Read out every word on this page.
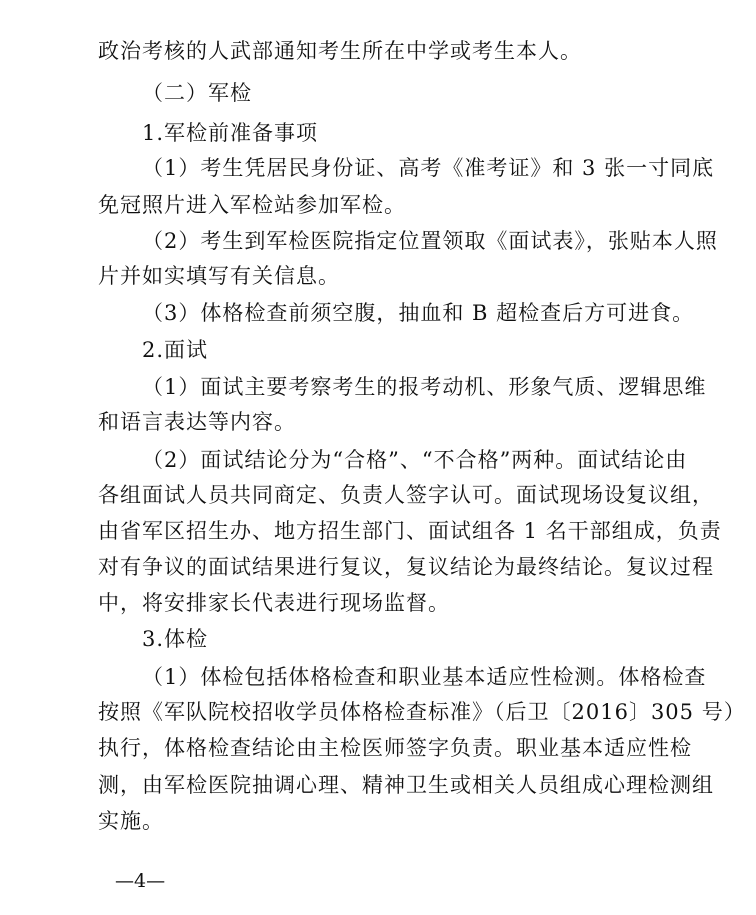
政治考核的人武部通知考生所在中学或考生本人。
（二）军检
1.军检前准备事项
（1）考生凭居民身份证、高考《准考证》和 3 张一寸同底
免冠照片进入军检站参加军检。
（2）考生到军检医院指定位置领取《面试表》，张贴本人照
片并如实填写有关信息。
（3）体格检查前须空腹，抽血和 B 超检查后方可进食。
2.面试
（1）面试主要考察考生的报考动机、形象气质、逻辑思维
和语言表达等内容。
（2）面试结论分为“合格”、“不合格”两种。面试结论由
各组面试人员共同商定、负责人签字认可。面试现场设复议组，
由省军区招生办、地方招生部门、面试组各 1 名干部组成，负责
对有争议的面试结果进行复议，复议结论为最终结论。复议过程
中，将安排家长代表进行现场监督。
3.体检
（1）体检包括体格检查和职业基本适应性检测。体格检查
按照《军队院校招收学员体格检查标准》（后卫〔2016〕305 号）
执行，体格检查结论由主检医师签字负责。职业基本适应性检
测，由军检医院抽调心理、精神卫生或相关人员组成心理检测组
实施。
—4—
